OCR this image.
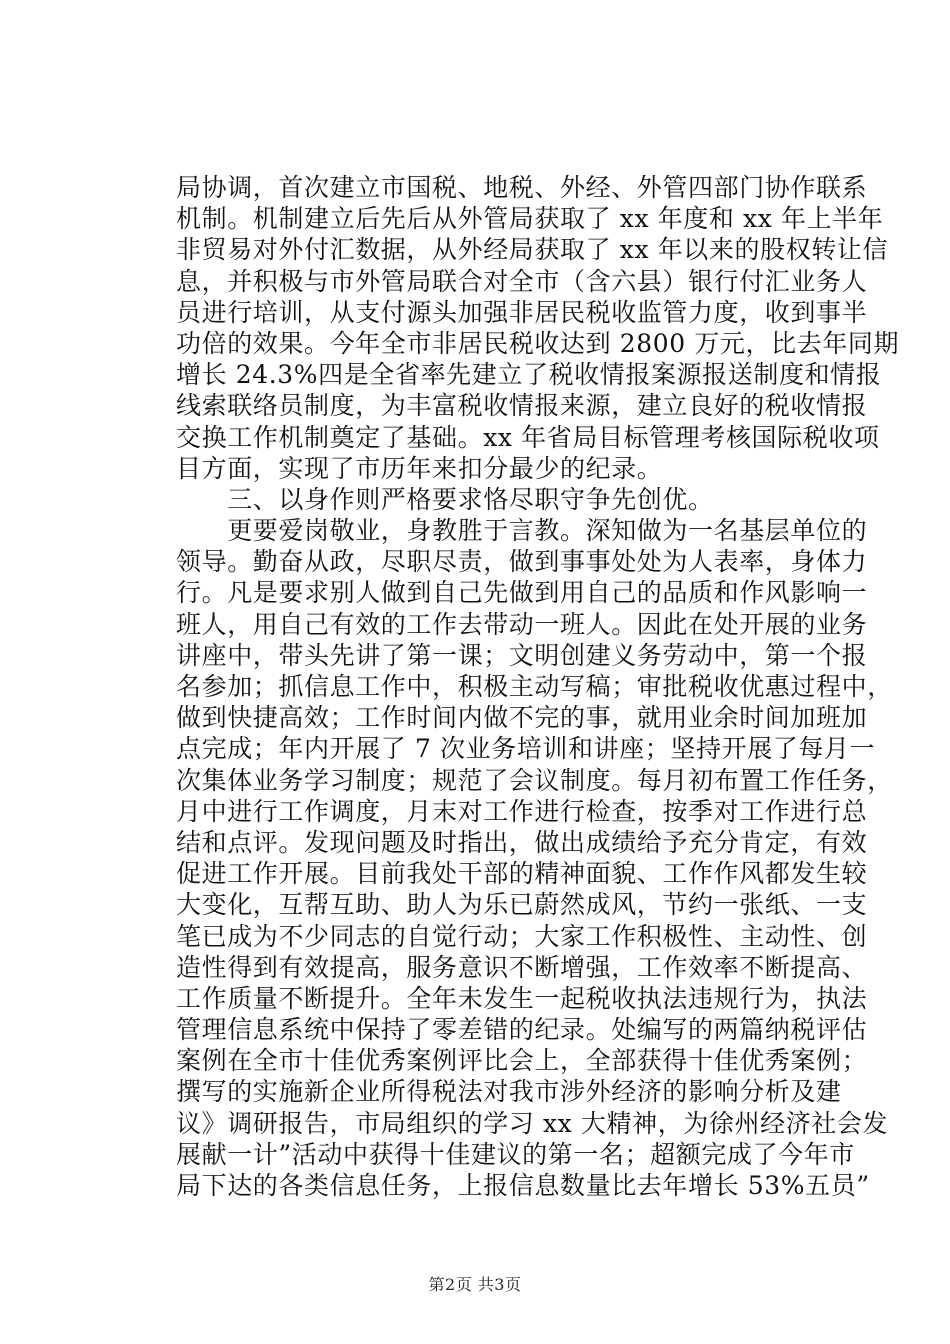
局协调，首次建立市国税、地税、外经、外管四部门协作联系
机制。机制建立后先后从外管局获取了 xx 年度和 xx 年上半年
非贸易对外付汇数据，从外经局获取了 xx 年以来的股权转让信
息，并积极与市外管局联合对全市（含六县）银行付汇业务人
员进行培训，从支付源头加强非居民税收监管力度，收到事半
功倍的效果。今年全市非居民税收达到 2800 万元，比去年同期
增长 24.3%四是全省率先建立了税收情报案源报送制度和情报
线索联络员制度，为丰富税收情报来源，建立良好的税收情报
交换工作机制奠定了基础。xx 年省局目标管理考核国际税收项
目方面，实现了市历年来扣分最少的纪录。
　　三、以身作则严格要求恪尽职守争先创优。
　　更要爱岗敬业，身教胜于言教。深知做为一名基层单位的
领导。勤奋从政，尽职尽责，做到事事处处为人表率，身体力
行。凡是要求别人做到自己先做到用自己的品质和作风影响一
班人，用自己有效的工作去带动一班人。因此在处开展的业务
讲座中，带头先讲了第一课；文明创建义务劳动中，第一个报
名参加；抓信息工作中，积极主动写稿；审批税收优惠过程中，
做到快捷高效；工作时间内做不完的事，就用业余时间加班加
点完成；年内开展了 7 次业务培训和讲座；坚持开展了每月一
次集体业务学习制度；规范了会议制度。每月初布置工作任务，
月中进行工作调度，月末对工作进行检查，按季对工作进行总
结和点评。发现问题及时指出，做出成绩给予充分肯定，有效
促进工作开展。目前我处干部的精神面貌、工作作风都发生较
大变化，互帮互助、助人为乐已蔚然成风，节约一张纸、一支
笔已成为不少同志的自觉行动；大家工作积极性、主动性、创
造性得到有效提高，服务意识不断增强，工作效率不断提高、
工作质量不断提升。全年未发生一起税收执法违规行为，执法
管理信息系统中保持了零差错的纪录。处编写的两篇纳税评估
案例在全市十佳优秀案例评比会上，全部获得十佳优秀案例；
撰写的实施新企业所得税法对我市涉外经济的影响分析及建
议》调研报告，市局组织的学习 xx 大精神，为徐州经济社会发
展献一计”活动中获得十佳建议的第一名；超额完成了今年市
局下达的各类信息任务，上报信息数量比去年增长 53%五员”
第2页 共3页
